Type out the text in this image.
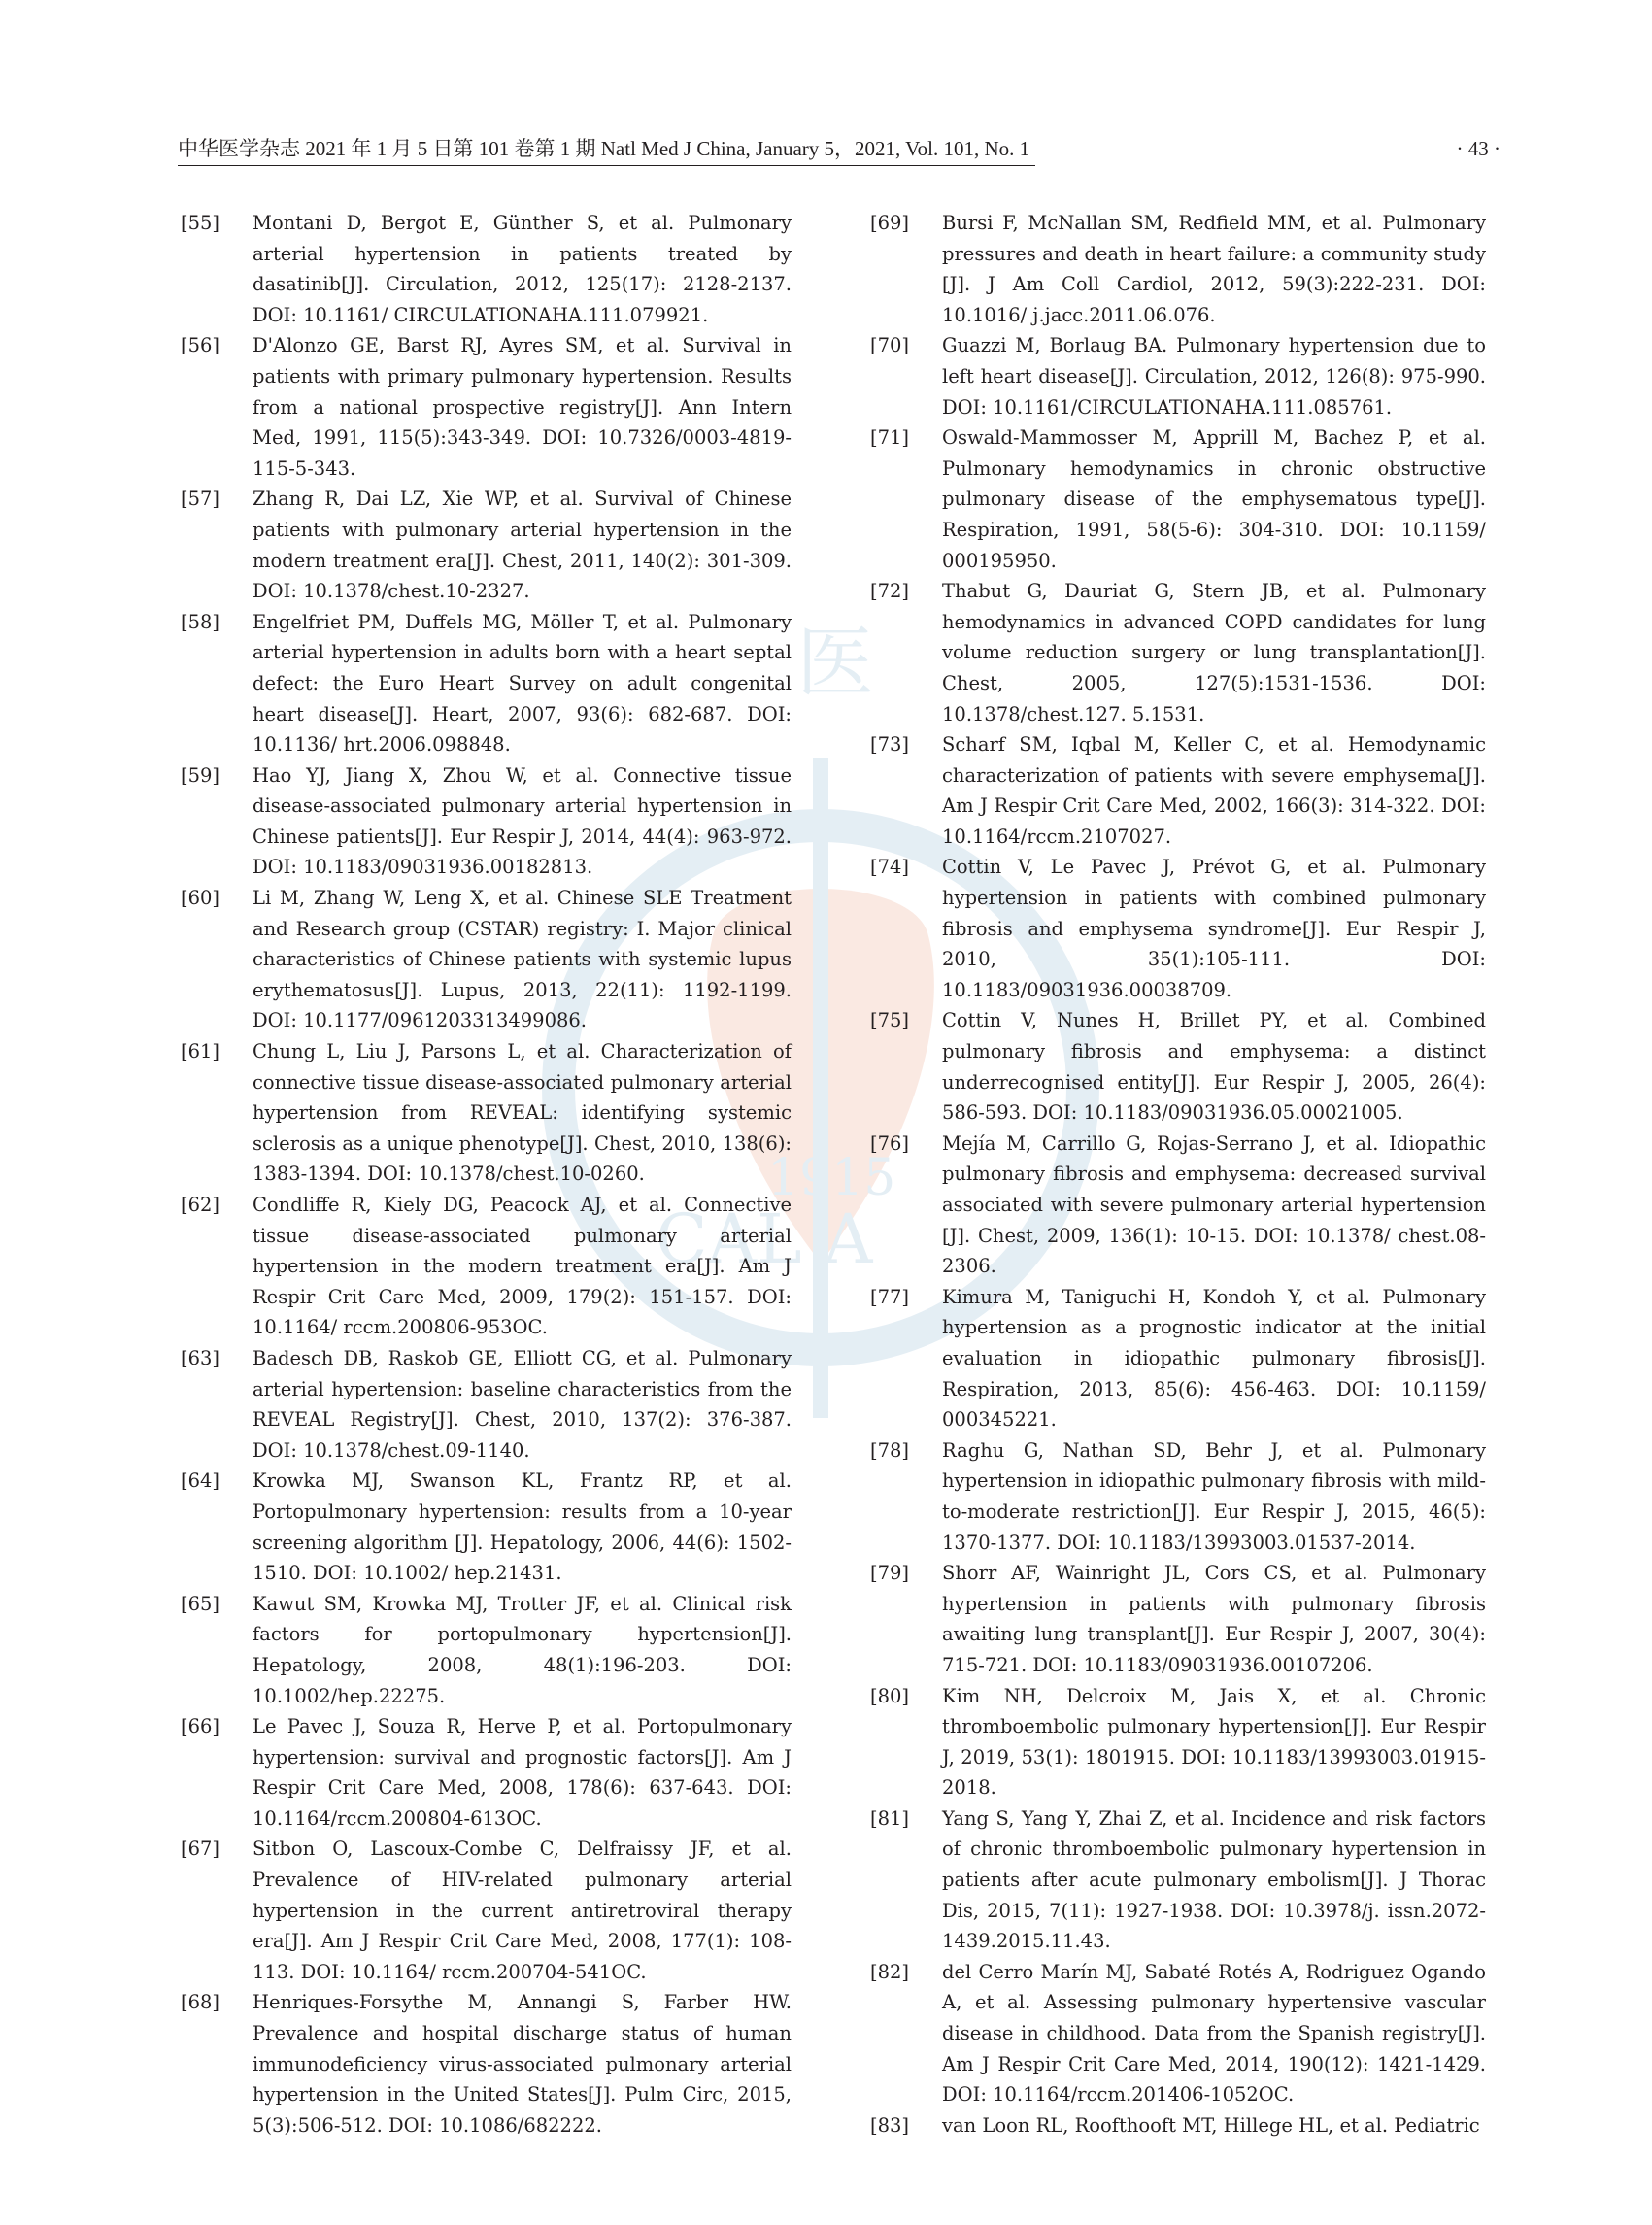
医
1915
CAL A
中华医学杂志 2021 年 1 月 5 日第 101 卷第 1 期 Natl Med J China, January 5，2021, Vol. 101, No. 1	· 43 ·
[55]	Montani D, Bergot E, Günther S, et al. Pulmonary arterial hypertension in patients treated by dasatinib[J]. Circulation, 2012, 125(17): 2128-2137. DOI: 10.1161/ CIRCULATIONAHA.111.079921.
[56]	D'Alonzo GE, Barst RJ, Ayres SM, et al. Survival in patients with primary pulmonary hypertension. Results from a national prospective registry[J]. Ann Intern Med, 1991, 115(5):343-349. DOI: 10.7326/0003-4819-115-5-343.
[57]	Zhang R, Dai LZ, Xie WP, et al. Survival of Chinese patients with pulmonary arterial hypertension in the modern treatment era[J]. Chest, 2011, 140(2): 301-309. DOI: 10.1378/chest.10-2327.
[58]	Engelfriet PM, Duffels MG, Möller T, et al. Pulmonary arterial hypertension in adults born with a heart septal defect: the Euro Heart Survey on adult congenital heart disease[J]. Heart, 2007, 93(6): 682-687. DOI: 10.1136/ hrt.2006.098848.
[59]	Hao YJ, Jiang X, Zhou W, et al. Connective tissue disease-associated pulmonary arterial hypertension in Chinese patients[J]. Eur Respir J, 2014, 44(4): 963-972. DOI: 10.1183/09031936.00182813.
[60]	Li M, Zhang W, Leng X, et al. Chinese SLE Treatment and Research group (CSTAR) registry: I. Major clinical characteristics of Chinese patients with systemic lupus erythematosus[J]. Lupus, 2013, 22(11): 1192-1199. DOI: 10.1177/0961203313499086.
[61]	Chung L, Liu J, Parsons L, et al. Characterization of connective tissue disease-associated pulmonary arterial hypertension from REVEAL: identifying systemic sclerosis as a unique phenotype[J]. Chest, 2010, 138(6): 1383-1394. DOI: 10.1378/chest.10-0260.
[62]	Condliffe R, Kiely DG, Peacock AJ, et al. Connective tissue disease-associated pulmonary arterial hypertension in the modern treatment era[J]. Am J Respir Crit Care Med, 2009, 179(2): 151-157. DOI: 10.1164/ rccm.200806-953OC.
[63]	Badesch DB, Raskob GE, Elliott CG, et al. Pulmonary arterial hypertension: baseline characteristics from the REVEAL Registry[J]. Chest, 2010, 137(2): 376-387. DOI: 10.1378/chest.09-1140.
[64]	Krowka MJ, Swanson KL, Frantz RP, et al. Portopulmonary hypertension: results from a 10-year screening algorithm [J]. Hepatology, 2006, 44(6): 1502-1510. DOI: 10.1002/ hep.21431.
[65]	Kawut SM, Krowka MJ, Trotter JF, et al. Clinical risk factors for portopulmonary hypertension[J]. Hepatology, 2008, 48(1):196-203. DOI: 10.1002/hep.22275.
[66]	Le Pavec J, Souza R, Herve P, et al. Portopulmonary hypertension: survival and prognostic factors[J]. Am J Respir Crit Care Med, 2008, 178(6): 637-643. DOI: 10.1164/rccm.200804-613OC.
[67]	Sitbon O, Lascoux-Combe C, Delfraissy JF, et al. Prevalence of HIV-related pulmonary arterial hypertension in the current antiretroviral therapy era[J]. Am J Respir Crit Care Med, 2008, 177(1): 108-113. DOI: 10.1164/ rccm.200704-541OC.
[68]	Henriques-Forsythe M, Annangi S, Farber HW. Prevalence and hospital discharge status of human immunodeficiency virus-associated pulmonary arterial hypertension in the United States[J]. Pulm Circ, 2015, 5(3):506-512. DOI: 10.1086/682222.
[69]	Bursi F, McNallan SM, Redfield MM, et al. Pulmonary pressures and death in heart failure: a community study [J]. J Am Coll Cardiol, 2012, 59(3):222-231. DOI: 10.1016/ j.jacc.2011.06.076.
[70]	Guazzi M, Borlaug BA. Pulmonary hypertension due to left heart disease[J]. Circulation, 2012, 126(8): 975-990. DOI: 10.1161/CIRCULATIONAHA.111.085761.
[71]	Oswald-Mammosser M, Apprill M, Bachez P, et al. Pulmonary hemodynamics in chronic obstructive pulmonary disease of the emphysematous type[J]. Respiration, 1991, 58(5-6): 304-310. DOI: 10.1159/ 000195950.
[72]	Thabut G, Dauriat G, Stern JB, et al. Pulmonary hemodynamics in advanced COPD candidates for lung volume reduction surgery or lung transplantation[J]. Chest, 2005, 127(5):1531-1536. DOI: 10.1378/chest.127. 5.1531.
[73]	Scharf SM, Iqbal M, Keller C, et al. Hemodynamic characterization of patients with severe emphysema[J]. Am J Respir Crit Care Med, 2002, 166(3): 314-322. DOI: 10.1164/rccm.2107027.
[74]	Cottin V, Le Pavec J, Prévot G, et al. Pulmonary hypertension in patients with combined pulmonary fibrosis and emphysema syndrome[J]. Eur Respir J, 2010, 35(1):105-111. DOI: 10.1183/09031936.00038709.
[75]	Cottin V, Nunes H, Brillet PY, et al. Combined pulmonary fibrosis and emphysema: a distinct underrecognised entity[J]. Eur Respir J, 2005, 26(4): 586-593. DOI: 10.1183/09031936.05.00021005.
[76]	Mejía M, Carrillo G, Rojas-Serrano J, et al. Idiopathic pulmonary fibrosis and emphysema: decreased survival associated with severe pulmonary arterial hypertension [J]. Chest, 2009, 136(1): 10-15. DOI: 10.1378/ chest.08-2306.
[77]	Kimura M, Taniguchi H, Kondoh Y, et al. Pulmonary hypertension as a prognostic indicator at the initial evaluation in idiopathic pulmonary fibrosis[J]. Respiration, 2013, 85(6): 456-463. DOI: 10.1159/ 000345221.
[78]	Raghu G, Nathan SD, Behr J, et al. Pulmonary hypertension in idiopathic pulmonary fibrosis with mild-to-moderate restriction[J]. Eur Respir J, 2015, 46(5): 1370-1377. DOI: 10.1183/13993003.01537-2014.
[79]	Shorr AF, Wainright JL, Cors CS, et al. Pulmonary hypertension in patients with pulmonary fibrosis awaiting lung transplant[J]. Eur Respir J, 2007, 30(4): 715-721. DOI: 10.1183/09031936.00107206.
[80]	Kim NH, Delcroix M, Jais X, et al. Chronic thromboembolic pulmonary hypertension[J]. Eur Respir J, 2019, 53(1): 1801915. DOI: 10.1183/13993003.01915-2018.
[81]	Yang S, Yang Y, Zhai Z, et al. Incidence and risk factors of chronic thromboembolic pulmonary hypertension in patients after acute pulmonary embolism[J]. J Thorac Dis, 2015, 7(11): 1927-1938. DOI: 10.3978/j. issn.2072-1439.2015.11.43.
[82]	del Cerro Marín MJ, Sabaté Rotés A, Rodriguez Ogando A, et al. Assessing pulmonary hypertensive vascular disease in childhood. Data from the Spanish registry[J]. Am J Respir Crit Care Med, 2014, 190(12): 1421-1429. DOI: 10.1164/rccm.201406-1052OC.
[83]	van Loon RL, Roofthooft MT, Hillege HL, et al. Pediatric
